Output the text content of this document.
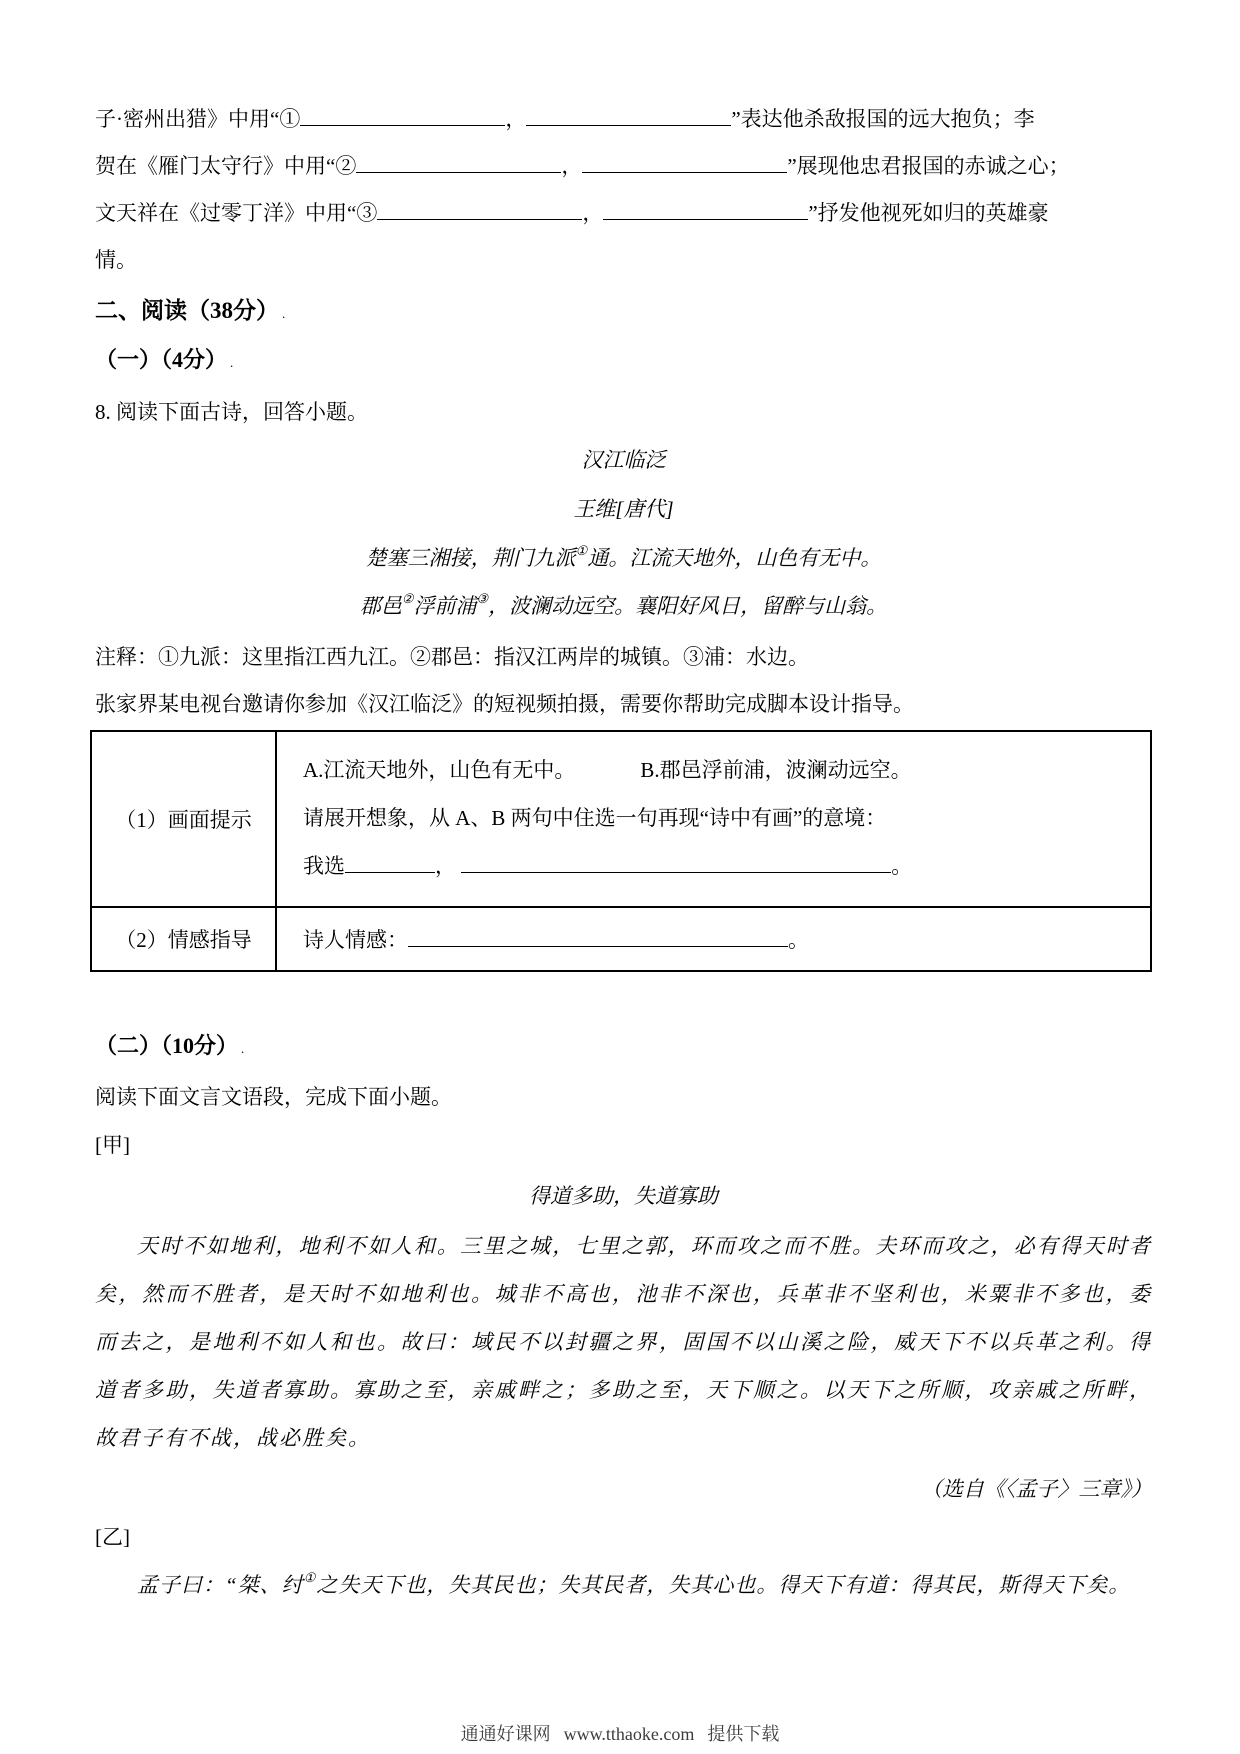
子·密州出猎》中用“①	，	”表达他杀敌报国的远大抱负；李

贺在《雁门太守行》中用“②	，	”展现他忠君报国的赤诚之心；

文天祥在《过零丁洋》中用“③	，	”抒发他视死如归的英雄豪

情。

二、阅读（38分） .
（一）（4分） .

8. 阅读下面古诗，回答小题。

汉江临泛

王维[唐代]

楚塞三湘接，荆门九派①通。江流天地外，山色有无中。

郡邑②浮前浦③，波澜动远空。襄阳好风日，留醉与山翁。

注释：①九派：这里指江西九江。②郡邑：指汉江两岸的城镇。③浦：水边。

张家界某电视台邀请你参加《汉江临泛》的短视频拍摄，需要你帮助完成脚本设计指导。

（1）画面提示	A.江流天地外，山色有无中。 B.郡邑浮前浦，波澜动远空。
请展开想象，从 A、B 两句中住选一句再现“诗中有画”的意境：
我选 ， 。

（2）情感指导	诗人情感： 。
（二）（10分） .

阅读下面文言文语段，完成下面小题。

[甲]

得道多助，失道寡助

天时不如地利，地利不如人和。三里之城，七里之郭，环而攻之而不胜。夫环而攻之，必有得天时者矣，然而不胜者，是天时不如地利也。城非不高也，池非不深也，兵革非不坚利也，米粟非不多也，委而去之，是地利不如人和也。故曰：域民不以封疆之界，固国不以山溪之险，威天下不以兵革之利。得道者多助，失道者寡助。寡助之至，亲戚畔之；多助之至，天下顺之。以天下之所顺，攻亲戚之所畔，故君子有不战，战必胜矣。

（选自《〈孟子〉三章》）

[乙]

孟子曰：“桀、纣①之失天下也，失其民也；失其民者，失其心也。得天下有道：得其民，斯得天下矣。

通通好课网 www.tthaoke.com 提供下载
